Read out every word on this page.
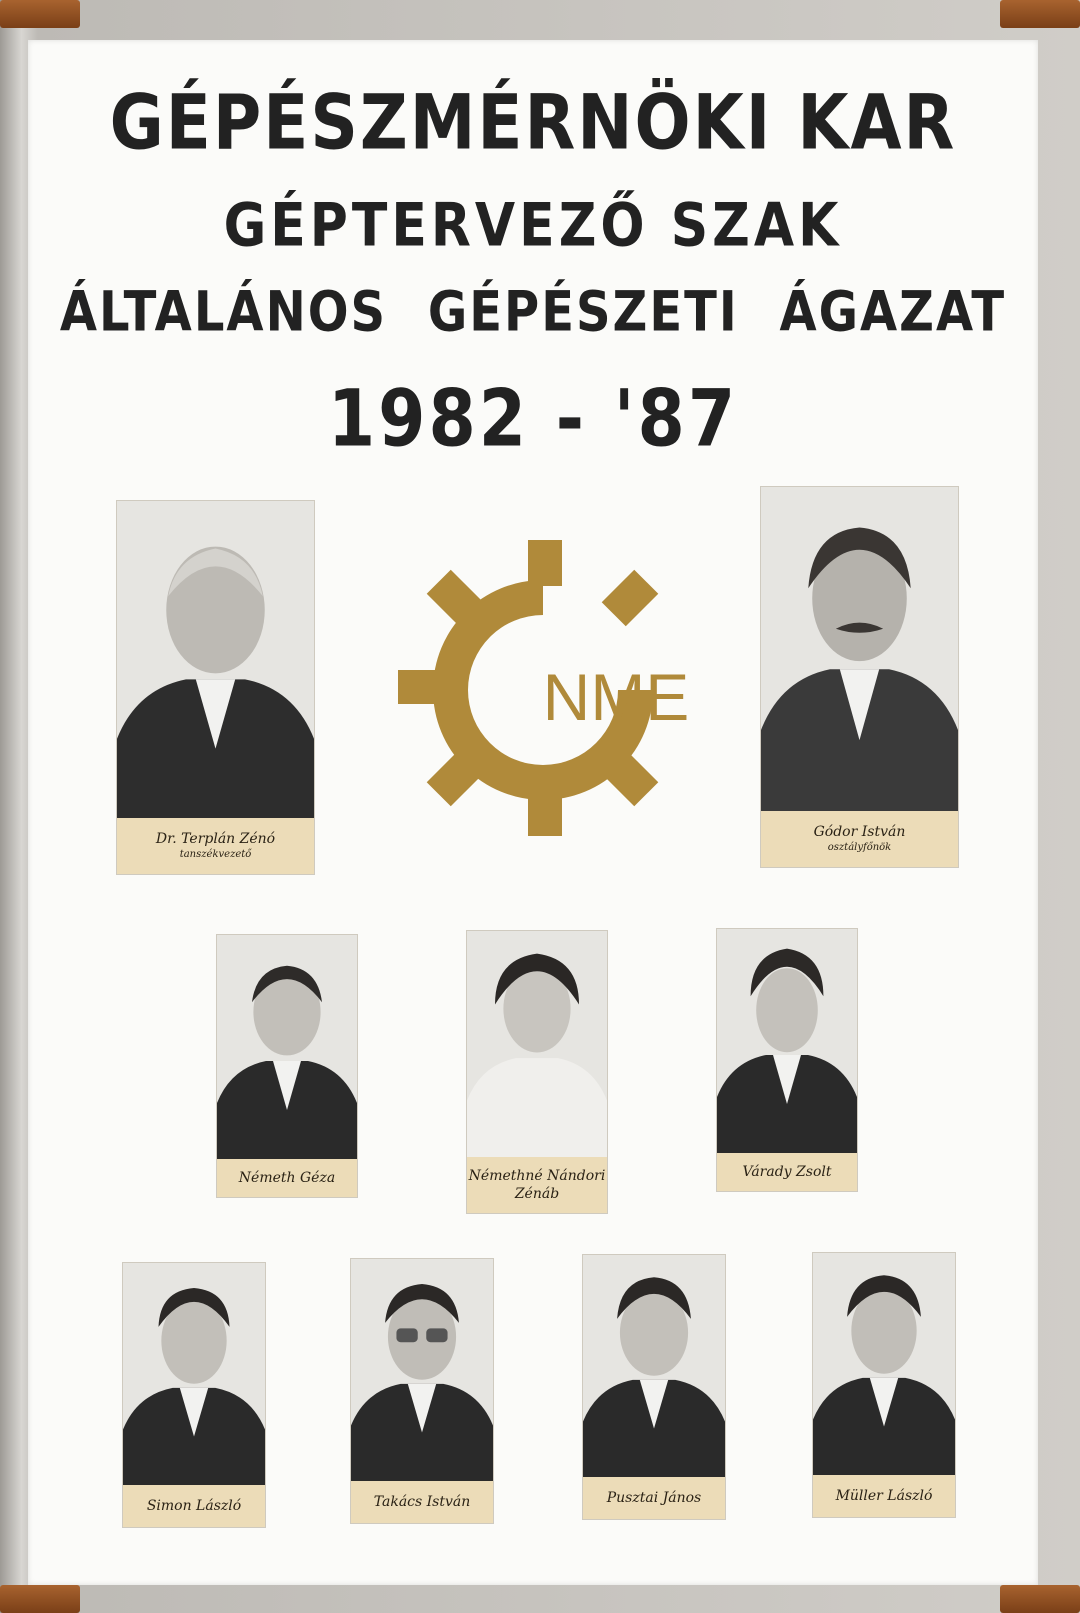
GÉPÉSZMÉRNÖKI KAR
GÉPTERVEZŐ SZAK
ÁLTALÁNOS GÉPÉSZETI ÁGAZAT
1982 - '87
NME
Dr. Terplán Zénó
tanszékvezető
Gódor István
osztályfőnök
Németh Géza	Némethné Nándori Zénáb
Várady Zsolt
Simon László	Takács István	Pusztai János	Müller László
